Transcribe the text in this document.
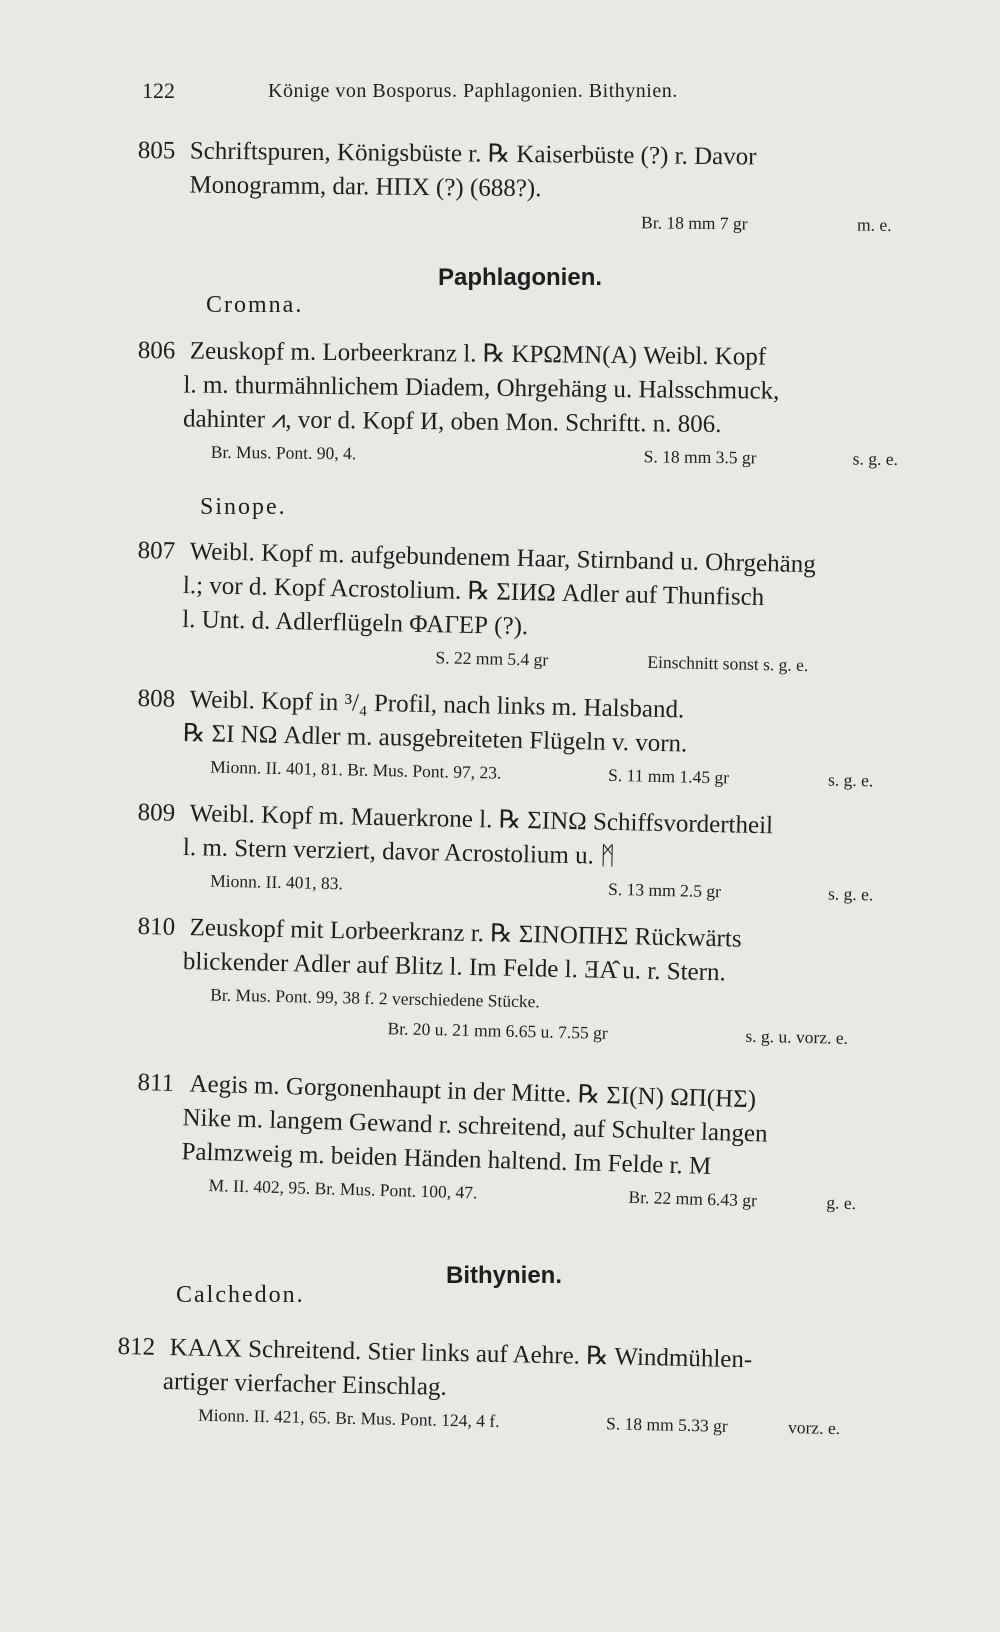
122	Könige von Bosporus. Paphlagonien. Bithynien.
805 Schriftspuren, Königsbüste r. ℞ Kaiserbüste (?) r. Davor
Monogramm, dar. HΠX (?) (688?).
Br. 18 mm 7 gr	m. e.
Paphlagonien.
Cromna.
806 Zeuskopf m. Lorbeerkranz l. ℞ ΚΡΩΜΝ(Α) Weibl. Kopf
l. m. thurmähnlichem Diadem, Ohrgehäng u. Halsschmuck,
dahinter ⩘, vor d. Kopf И, oben Mon. Schriftt. n. 806.
Br. Mus. Pont. 90, 4.	S. 18 mm 3.5 gr	s. g. e.
Sinope.
807 Weibl. Kopf m. aufgebundenem Haar, Stirnband u. Ohrgehäng
l.; vor d. Kopf Acrostolium. ℞ ΣΙИΩ Adler auf Thunfisch
l. Unt. d. Adlerflügeln ΦΑΓΕΡ (?).
S. 22 mm 5.4 gr	Einschnitt sonst s. g. e.
808 Weibl. Kopf in ³/₄ Profil, nach links m. Halsband.
℞ ΣΙ ΝΩ Adler m. ausgebreiteten Flügeln v. vorn.
Mionn. II. 401, 81. Br. Mus. Pont. 97, 23.	S. 11 mm 1.45 gr	s. g. e.
809 Weibl. Kopf m. Mauerkrone l. ℞ ΣΙΝΩ Schiffsvordertheil
l. m. Stern verziert, davor Acrostolium u. ᛗ
Mionn. II. 401, 83.	S. 13 mm 2.5 gr	s. g. e.
810 Zeuskopf mit Lorbeerkranz r. ℞ ΣΙΝΟΠΗΣ Rückwärts
blickender Adler auf Blitz l. Im Felde l. ƎΑ̂ u. r. Stern.
Br. Mus. Pont. 99, 38 f. 2 verschiedene Stücke.
Br. 20 u. 21 mm 6.65 u. 7.55 gr	s. g. u. vorz. e.
811 Aegis m. Gorgonenhaupt in der Mitte. ℞ ΣΙ(Ν) ΩΠ(ΗΣ)
Nike m. langem Gewand r. schreitend, auf Schulter langen
Palmzweig m. beiden Händen haltend. Im Felde r. Μ
M. II. 402, 95. Br. Mus. Pont. 100, 47.	Br. 22 mm 6.43 gr	g. e.
Bithynien.
Calchedon.
812 ΚΑΛΧ Schreitend. Stier links auf Aehre. ℞ Windmühlen-
artiger vierfacher Einschlag.
Mionn. II. 421, 65. Br. Mus. Pont. 124, 4 f.	S. 18 mm 5.33 gr	vorz. e.
